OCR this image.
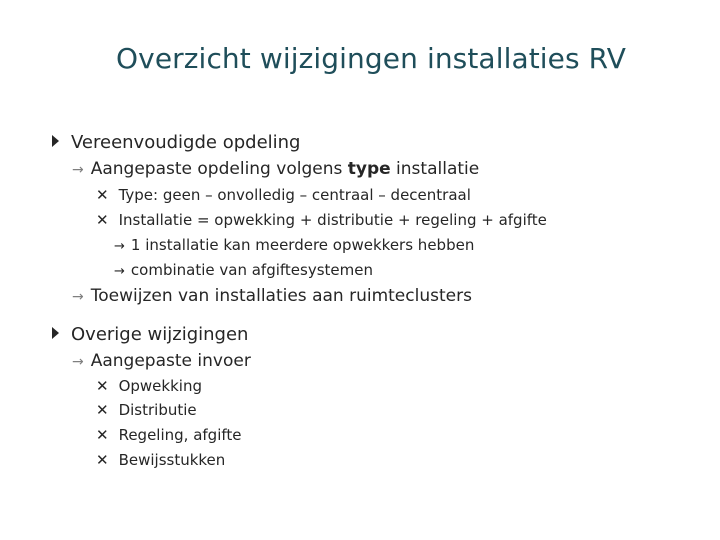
Overzicht wijzigingen installaties RV
Vereenvoudigde opdeling
→ Aangepaste opdeling volgens type installatie
✕ Type: geen – onvolledig – centraal – decentraal
✕ Installatie = opwekking + distributie + regeling + afgifte
→ 1 installatie kan meerdere opwekkers hebben
→ combinatie van afgiftesystemen
→ Toewijzen van installaties aan ruimteclusters
Overige wijzigingen
→ Aangepaste invoer
✕ Opwekking
✕ Distributie
✕ Regeling, afgifte
✕ Bewijsstukken
